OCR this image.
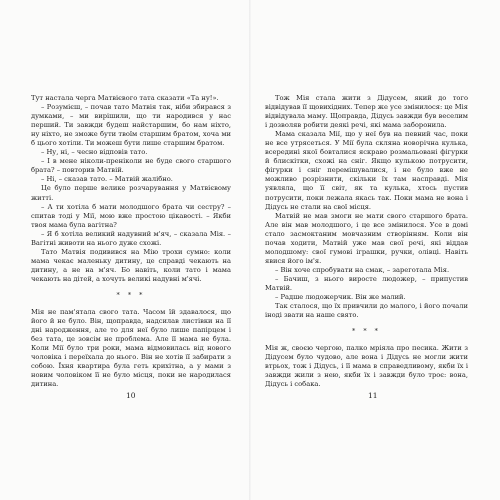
Тут настала черга Матвієвого тата сказати «Та ну!».

– Розумієш, – почав тато Матвія так, ніби збирався з думками, – ми вирішили, що ти народився у нас перший. Ти завжди будеш найстаршим, бо нам ніхто, ну ніхто, не зможе бути твоїм старшим братом, хоча ми б цього хотіли. Ти можеш бути лише старшим братом.

– Ну, ні, – чесно відповів тато.

– І в мене ніколи-преніколи не буде свого старшого брата? – повторив Матвій.

– Ні, – сказав тато. – Матвій жалібно.

Це було перше велике розчарування у Матвієвому житті.

– А ти хотіла б мати молодшого брата чи сестру? – спитав тоді у Мії, мою вже простою цікавості. – Якби твоя мама була вагітна?

– Я б хотіла великий надувний м'яч, – сказала Мія. – Вагітні животи на нього дуже схожі.

Тато Матвія подивився на Мію трохи сумно: коли мама чекає маленьку дитину, це справді чекають на дитину, а не на м'яч. Бо навіть, коли тато і мама чекають на дітей, а хочуть великі надувні м'ячі.

* * *

Мія не пам'ятала свого тата. Часом їй здавалося, що його й не було. Він, щоправда, надсилав листівки на її дні народження, але то для неї було лише папірцем і без тата, це зовсім не проблема. Але її мама не була. Коли Мії було три роки, мама відмовилась від нового чоловіка і переїхала до нього. Він не хотів її забирати з собою. Їхня квартира була геть крихітна, а у мами з новим чоловіком її не було місця, поки не народилася дитина.

Тож Мія стала жити з Дідусем, який до того відвідував її щовихідних. Тепер же усе змінилося: це Мія відвідувала маму. Щоправда, Дідусь завжди був веселим і дозволяв робити деякі речі, які мама заборонила.

Мама сказала Мії, що у неї був на певний час, поки не все утрясеться. У Мії була скляна новорічна кулька, всередині якої бовталися яскраво розмальовані фігурки й блискітки, схожі на сніг. Якщо кулькою потрусити, фігурки і сніг перемішувалися, і не було вже не можливо розрізнити, скільки їх там насправді. Мія уявляла, що її світ, як та кулька, хтось пустив потрусити, поки лежала якась так. Поки мама не вона і Дідусь не стали на свої місця.

Матвій не мав змоги не мати свого старшого брата. Але він мав молодшого, і це все змінилося. Усе в домі стало засмоктаним мовчазним створінням. Коли він почав ходити, Матвій уже мав свої речі, які віддав молодшому: свої гумові іграшки, ручки, олівці. Навіть явися його ім'я.

– Він хоче спробувати на смак, – зареготала Мія.

– Бачиш, з нього виросте людожер, – припустив Матвій.

– Радше людожерчик. Він же малий.

Так сталося, що їх привчили до малого, і його почали іноді звати на наше свято.

* * *

Мія ж, своєю чергою, палко мріяла про песика. Жити з Дідусем було чудово, але вона і Дідусь не могли жити втрьох, тож і Дідусь, і її мама в справедливому, якби їх і завжди жили з нею, якби їх і завжди було троє: вона, Дідусь і собака.

10	11
